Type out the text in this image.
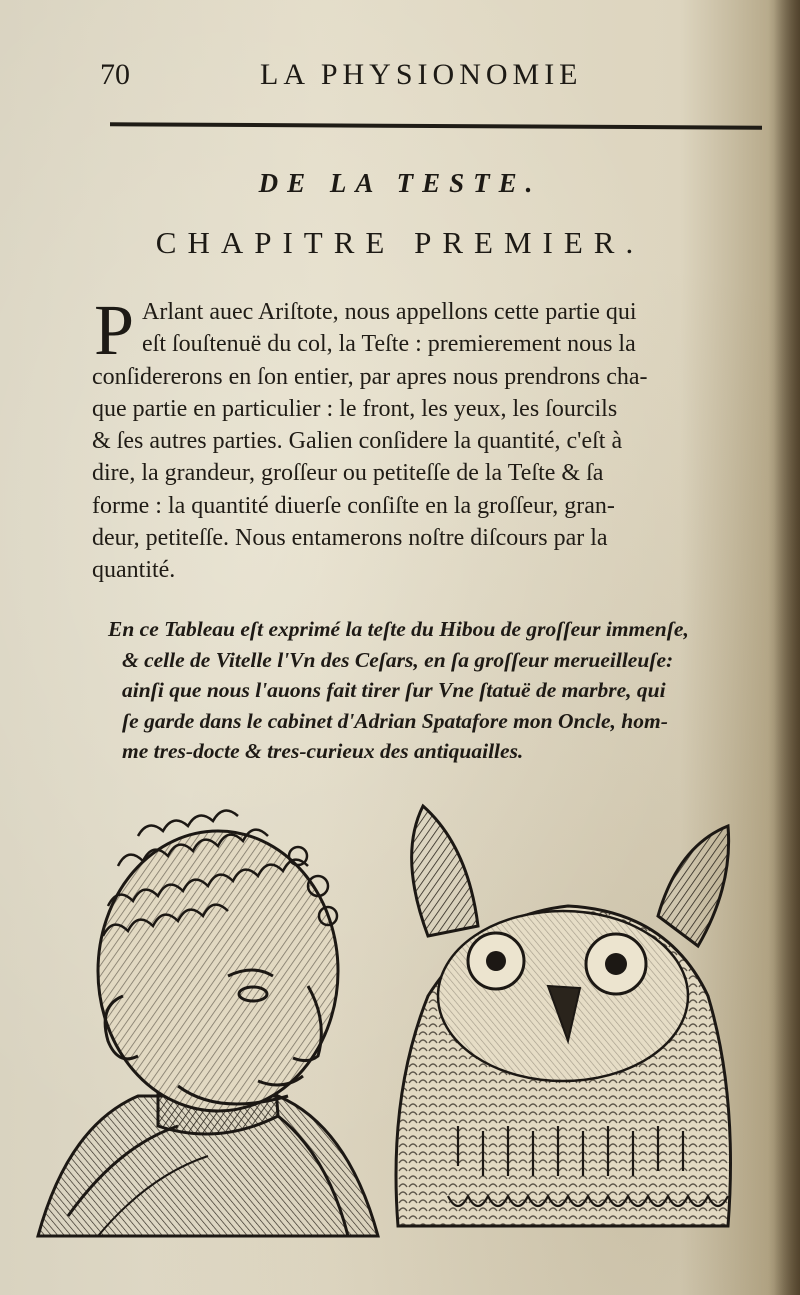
70	LA PHYSIONOMIE
DE LA TESTE.
CHAPITRE PREMIER.
P Arlant auec Ariſtote, nous appellons cette partie qui
eſt ſouſtenuë du col, la Teſte : premierement nous la
conſidererons en ſon entier, par apres nous prendrons cha-
que partie en particulier : le front, les yeux, les ſourcils
& ſes autres parties. Galien conſidere la quantité, c'eſt à
dire, la grandeur, groſſeur ou petiteſſe de la Teſte & ſa
forme : la quantité diuerſe conſiſte en la groſſeur, gran-
deur, petiteſſe. Nous entamerons noſtre diſcours par la
quantité.
En ce Tableau eſt exprimé la teſte du Hibou de groſſeur immenſe,
& celle de Vitelle l'Vn des Ceſars, en ſa groſſeur merueilleuſe:
ainſi que nous l'auons fait tirer ſur Vne ſtatuë de marbre, qui
ſe garde dans le cabinet d'Adrian Spatafore mon Oncle, hom-
me tres-docte & tres-curieux des antiquailles.
